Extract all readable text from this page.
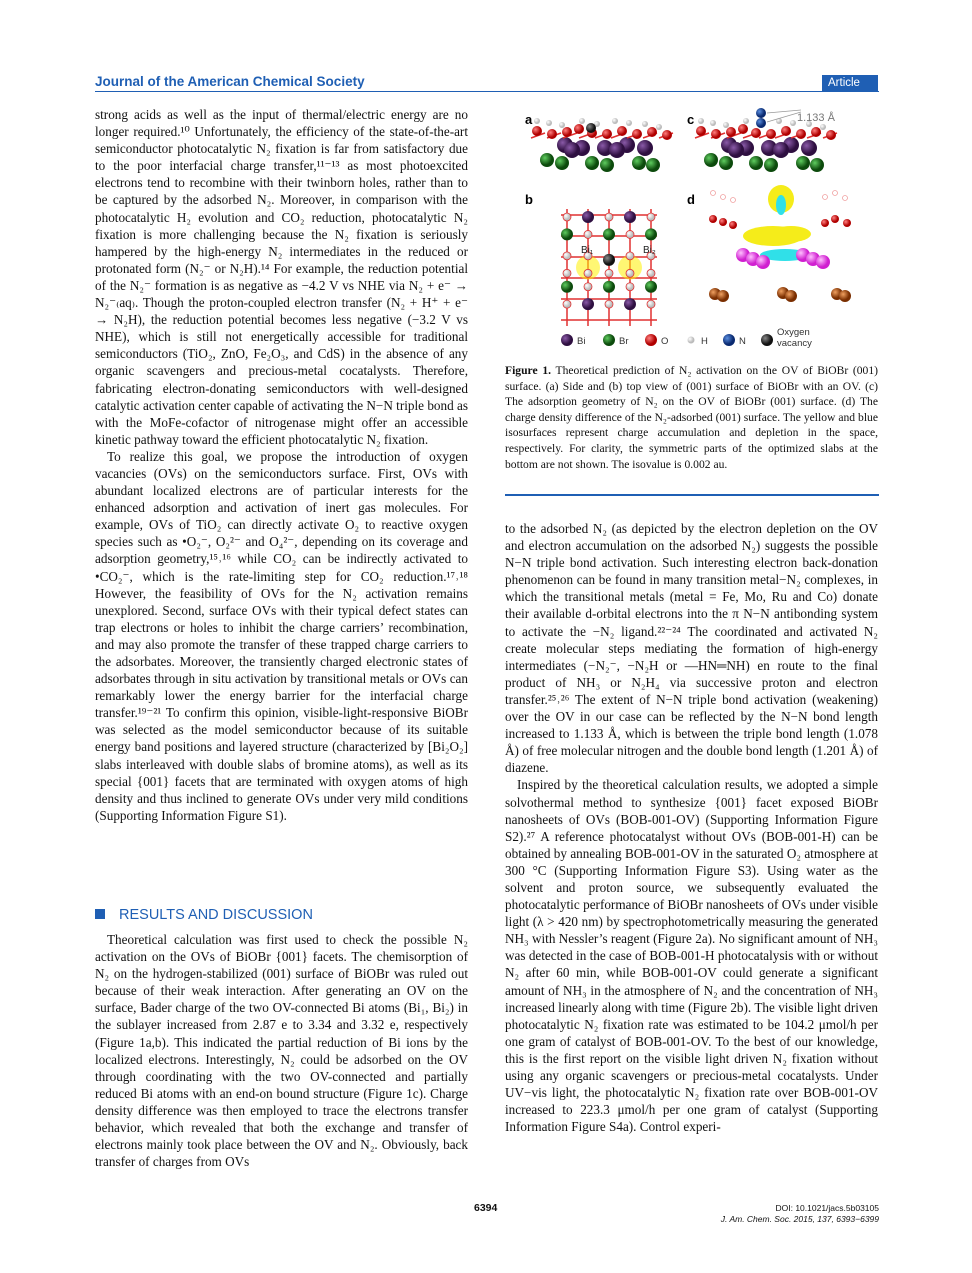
Journal of the American Chemical Society	Article

strong acids as well as the input of thermal/electric energy are no longer required.¹⁰ Unfortunately, the efficiency of the state-of-the-art semiconductor photocatalytic N₂ fixation is far from satisfactory due to the poor interfacial charge transfer,¹¹⁻¹³ as most photoexcited electrons tend to recombine with their twinborn holes, rather than to be captured by the adsorbed N₂. Moreover, in comparison with the photocatalytic H₂ evolution and CO₂ reduction, photocatalytic N₂ fixation is more challenging because the N₂ fixation is seriously hampered by the high-energy N₂ intermediates in the reduced or protonated form (N₂⁻ or N₂H).¹⁴ For example, the reduction potential of the N₂⁻ formation is as negative as −4.2 V vs NHE via N₂ + e⁻ → N₂⁻₍aq₎. Though the proton-coupled electron transfer (N₂ + H⁺ + e⁻ → N₂H), the reduction potential becomes less negative (−3.2 V vs NHE), which is still not energetically accessible for traditional semiconductors (TiO₂, ZnO, Fe₂O₃, and CdS) in the absence of any organic scavengers and precious-metal cocatalysts. Therefore, fabricating electron-donating semiconductors with well-designed catalytic activation center capable of activating the N−N triple bond as with the MoFe-cofactor of nitrogenase might offer an accessible kinetic pathway toward the efficient photocatalytic N₂ fixation.

To realize this goal, we propose the introduction of oxygen vacancies (OVs) on the semiconductors surface. First, OVs with abundant localized electrons are of particular interests for the enhanced adsorption and activation of inert gas molecules. For example, OVs of TiO₂ can directly activate O₂ to reactive oxygen species such as •O₂⁻, O₂²⁻ and O₄²⁻, depending on its coverage and adsorption geometry,¹⁵˒¹⁶ while CO₂ can be indirectly activated to •CO₂⁻, which is the rate-limiting step for CO₂ reduction.¹⁷˒¹⁸ However, the feasibility of OVs for the N₂ activation remains unexplored. Second, surface OVs with their typical defect states can trap electrons or holes to inhibit the charge carriers’ recombination, and may also promote the transfer of these trapped charge carriers to the adsorbates. Moreover, the transiently charged electronic states of adsorbates through in situ activation by transitional metals or OVs can remarkably lower the energy barrier for the interfacial charge transfer.¹⁹⁻²¹ To confirm this opinion, visible-light-responsive BiOBr was selected as the model semiconductor because of its suitable energy band positions and layered structure (characterized by [Bi₂O₂] slabs interleaved with double slabs of bromine atoms), as well as its special {001} facets that are terminated with oxygen atoms of high density and thus inclined to generate OVs under very mild conditions (Supporting Information Figure S1).

RESULTS AND DISCUSSION

Theoretical calculation was first used to check the possible N₂ activation on the OVs of BiOBr {001} facets. The chemisorption of N₂ on the hydrogen-stabilized (001) surface of BiOBr was ruled out because of their weak interaction. After generating an OV on the surface, Bader charge of the two OV-connected Bi atoms (Bi₁, Bi₂) in the sublayer increased from 2.87 e to 3.34 and 3.32 e, respectively (Figure 1a,b). This indicated the partial reduction of Bi ions by the localized electrons. Interestingly, N₂ could be adsorbed on the OV through coordinating with the two OV-connected and partially reduced Bi atoms with an end-on bound structure (Figure 1c). Charge density difference was then employed to trace the electrons transfer behavior, which revealed that both the exchange and transfer of electrons mainly took place between the OV and N₂. Obviously, back transfer of charges from OVs

a
b
c
d
1.133 Å
Bi₁	Bi₂
Bi	Br	O	H	N
Oxygen vacancy
Figure 1. Theoretical prediction of N₂ activation on the OV of BiOBr (001) surface. (a) Side and (b) top view of (001) surface of BiOBr with an OV. (c) The adsorption geometry of N₂ on the OV of BiOBr (001) surface. (d) The charge density difference of the N₂-adsorbed (001) surface. The yellow and blue isosurfaces represent charge accumulation and depletion in the space, respectively. For clarity, the symmetric parts of the optimized slabs at the bottom are not shown. The isovalue is 0.002 au.

to the adsorbed N₂ (as depicted by the electron depletion on the OV and electron accumulation on the adsorbed N₂) suggests the possible N−N triple bond activation. Such interesting electron back-donation phenomenon can be found in many transition metal−N₂ complexes, in which the transitional metals (metal = Fe, Mo, Ru and Co) donate their available d-orbital electrons into the π N−N antibonding system to activate the −N₂ ligand.²²⁻²⁴ The coordinated and activated N₂ create molecular steps mediating the formation of high-energy intermediates (−N₂⁻, −N₂H or —HN═NH) en route to the final product of NH₃ or N₂H₄ via successive proton and electron transfer.²⁵˒²⁶ The extent of N−N triple bond activation (weakening) over the OV in our case can be reflected by the N−N bond length increased to 1.133 Å, which is between the triple bond length (1.078 Å) of free molecular nitrogen and the double bond length (1.201 Å) of diazene.

Inspired by the theoretical calculation results, we adopted a simple solvothermal method to synthesize {001} facet exposed BiOBr nanosheets of OVs (BOB-001-OV) (Supporting Information Figure S2).²⁷ A reference photocatalyst without OVs (BOB-001-H) can be obtained by annealing BOB-001-OV in the saturated O₂ atmosphere at 300 °C (Supporting Information Figure S3). Using water as the solvent and proton source, we subsequently evaluated the photocatalytic performance of BiOBr nanosheets of OVs under visible light (λ > 420 nm) by spectrophotometrically measuring the generated NH₃ with Nessler’s reagent (Figure 2a). No significant amount of NH₃ was detected in the case of BOB-001-H photocatalysis with or without N₂ after 60 min, while BOB-001-OV could generate a significant amount of NH₃ in the atmosphere of N₂ and the concentration of NH₃ increased linearly along with time (Figure 2b). The visible light driven photocatalytic N₂ fixation rate was estimated to be 104.2 μmol/h per one gram of catalyst of BOB-001-OV. To the best of our knowledge, this is the first report on the visible light driven N₂ fixation without using any organic scavengers or precious-metal cocatalysts. Under UV−vis light, the photocatalytic N₂ fixation rate over BOB-001-OV increased to 223.3 μmol/h per one gram of catalyst (Supporting Information Figure S4a). Control experi-

6394	DOI: 10.1021/jacs.5b03105
J. Am. Chem. Soc. 2015, 137, 6393−6399
